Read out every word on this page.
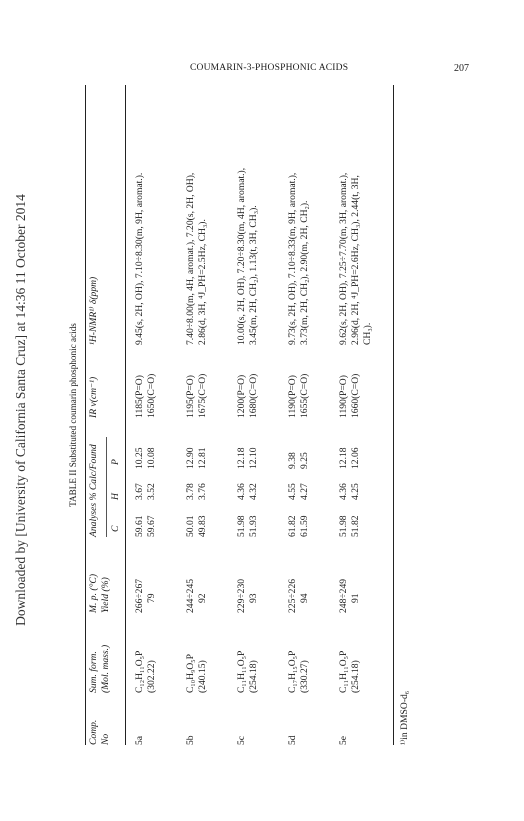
COUMARIN-3-PHOSPHONIC ACIDS	207
Downloaded by [University of California Santa Cruz] at 14:36 11 October 2014	TABLE II Substituted coumarin phosphonic acids
Comp. No
Sum. form. (Mol. mass.)
M. p. (°C) Yield (%)
Analyses % Calc/Found C
H
P
IR ν(cm⁻¹)
¹H-NMR¹⁾ δ(ppm)
5a
C₁₂H₁₁O₅P (302.22)
266÷267 79
59.61 59.67
3.67 3.52
10.25 10.08
1185(P=O) 1650(C=O)
9.45(s, 2H, OH), 7.10÷8.30(m, 9H, aromat.).
5b
C₁₀H₉O₅P (240.15)
244÷245 92
50.01 49.83
3.78 3.76
12.90 12.81
1195(P=O) 1675(C=O)
7.40÷8.00(m, 4H, aromat.), 7.20(s, 2H, OH), 2.86(d, 3H, ⁴J_PH=2.5Hz, CH₃).
5c
C₁₁H₁₁O₅P (254.18)
229÷230 93
51.98 51.93
4.36 4.32
12.18 12.10
1200(P=O) 1680(C=O)
10.00(s, 2H, OH), 7.20÷8.30(m, 4H, aromat.), 3.45(m, 2H, CH₂), 1.13(t, 3H, CH₃).
5d
C₁₇H₁₅O₅P (330.27)
225÷226 94
61.82 61.59
4.55 4.27
9.38 9.25
1190(P=O) 1655(C=O)
9.73(s, 2H, OH), 7.10÷8.33(m, 9H, aromat.), 3.73(m, 2H, CH₂), 2.90(m, 2H, CH₂).
5e
C₁₁H₁₁O₅P (254.18)
248÷249 91
51.98 51.82
4.36 4.25
12.18 12.06
1190(P=O) 1660(C=O)
9.62(s, 2H, OH), 7.25÷7.70(m, 3H, aromat.), 2.96(d, 2H, ⁴J_PH=2.6Hz, CH₃), 2.44(t, 3H, CH₃).
¹⁾in DMSO-d₆
